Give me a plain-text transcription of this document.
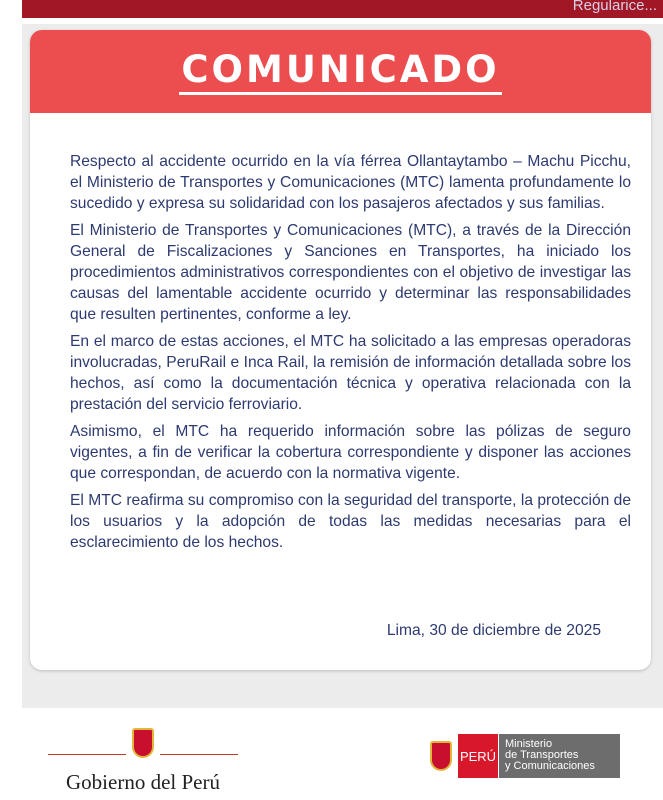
Regularice...
COMUNICADO

Respecto al accidente ocurrido en la vía férrea Ollantaytambo – Machu Picchu, el Ministerio de Transportes y Comunicaciones (MTC) lamenta profundamente lo sucedido y expresa su solidaridad con los pasajeros afectados y sus familias.

El Ministerio de Transportes y Comunicaciones (MTC), a través de la Dirección General de Fiscalizaciones y Sanciones en Transportes, ha iniciado los procedimientos administrativos correspondientes con el objetivo de investigar las causas del lamentable accidente ocurrido y determinar las responsabilidades que resulten pertinentes, conforme a ley.

En el marco de estas acciones, el MTC ha solicitado a las empresas operadoras involucradas, PeruRail e Inca Rail, la remisión de información detallada sobre los hechos, así como la documentación técnica y operativa relacionada con la prestación del servicio ferroviario.

Asimismo, el MTC ha requerido información sobre las pólizas de seguro vigentes, a fin de verificar la cobertura correspondiente y disponer las acciones que correspondan, de acuerdo con la normativa vigente.

El MTC reafirma su compromiso con la seguridad del transporte, la protección de los usuarios y la adopción de todas las medidas necesarias para el esclarecimiento de los hechos.

Lima, 30 de diciembre de 2025
Gobierno del Perú
PERÚ
Ministerio
de Transportes
y Comunicaciones
